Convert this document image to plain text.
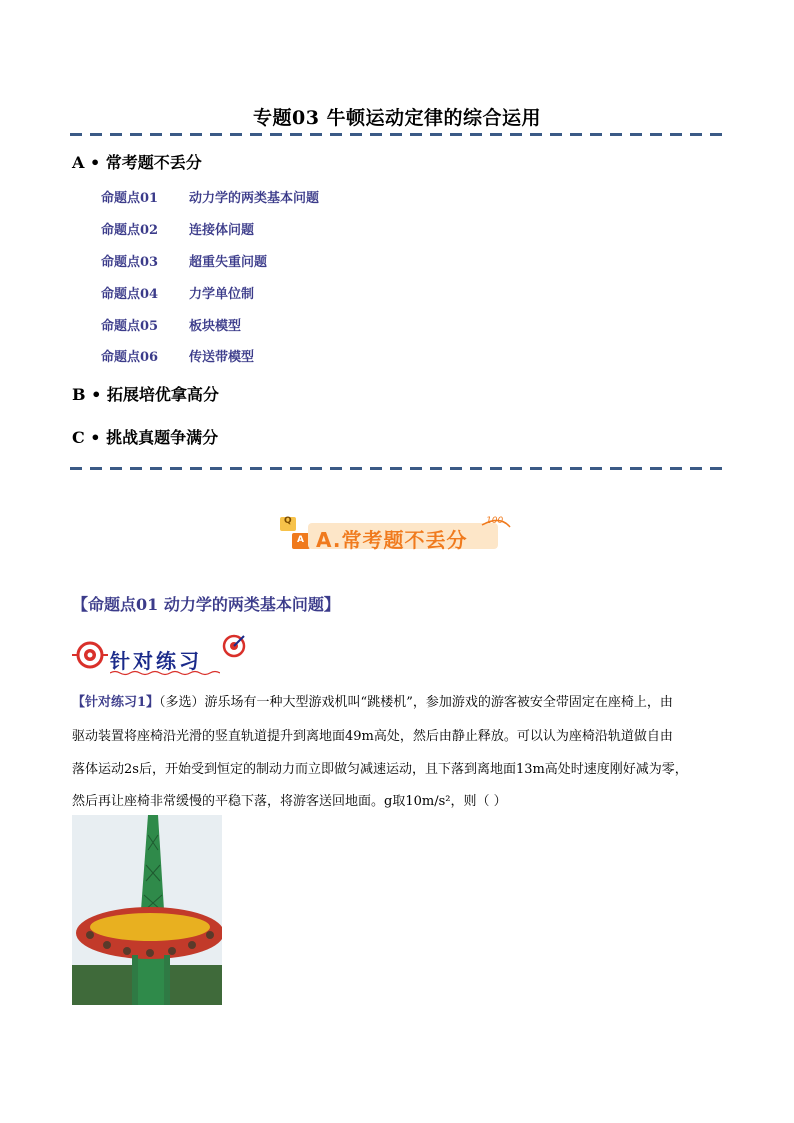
专题03 牛顿运动定律的综合运用
A • 常考题不丢分
命题点01 动力学的两类基本问题
命题点02 连接体问题
命题点03 超重失重问题
命题点04 力学单位制
命题点05 板块模型
命题点06 传送带模型
B • 拓展培优拿高分
C • 挑战真题争满分
Q
A A.常考题不丢分
100
【命题点01 动力学的两类基本问题】
针对练习
【针对练习1】（多选）游乐场有一种大型游戏机叫“跳楼机”，参加游戏的游客被安全带固定在座椅上，由
驱动装置将座椅沿光滑的竖直轨道提升到离地面49m高处，然后由静止释放。可以认为座椅沿轨道做自由
落体运动2s后，开始受到恒定的制动力而立即做匀减速运动，且下落到离地面13m高处时速度刚好减为零，
然后再让座椅非常缓慢的平稳下落，将游客送回地面。g取10m/s²，则（ ）
